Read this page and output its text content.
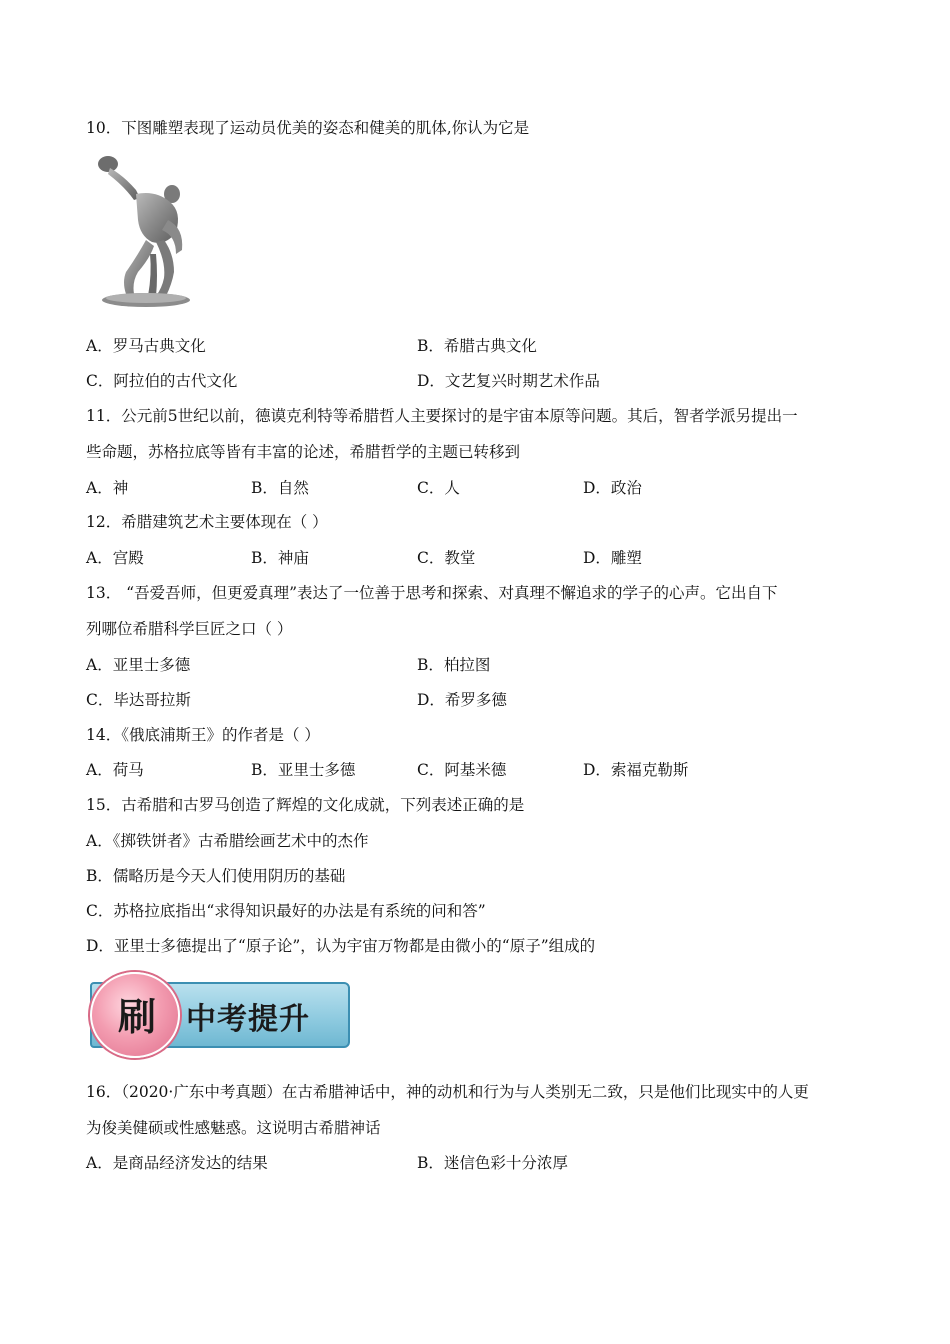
10．下图雕塑表现了运动员优美的姿态和健美的肌体,你认为它是
A．罗马古典文化	B．希腊古典文化
C．阿拉伯的古代文化	D．文艺复兴时期艺术作品
11．公元前5世纪以前，德谟克利特等希腊哲人主要探讨的是宇宙本原等问题。其后，智者学派另提出一
些命题，苏格拉底等皆有丰富的论述，希腊哲学的主题已转移到
A．神	B．自然	C．人	D．政治
12．希腊建筑艺术主要体现在（ ）
A．宫殿	B．神庙	C．教堂	D．雕塑
13． “吾爱吾师，但更爱真理”表达了一位善于思考和探索、对真理不懈追求的学子的心声。它出自下
列哪位希腊科学巨匠之口（ ）
A．亚里士多德	B．柏拉图
C．毕达哥拉斯	D．希罗多德
14．《俄底浦斯王》的作者是（ ）
A．荷马	B．亚里士多德	C．阿基米德	D．索福克勒斯
15．古希腊和古罗马创造了辉煌的文化成就，下列表述正确的是
A．《掷铁饼者》古希腊绘画艺术中的杰作
B．儒略历是今天人们使用阴历的基础
C．苏格拉底指出“求得知识最好的办法是有系统的问和答”
D．亚里士多德提出了“原子论”，认为宇宙万物都是由微小的“原子”组成的
中考提升
刷
16．（2020·广东中考真题）在古希腊神话中，神的动机和行为与人类别无二致，只是他们比现实中的人更
为俊美健硕或性感魅惑。这说明古希腊神话
A．是商品经济发达的结果	B．迷信色彩十分浓厚
